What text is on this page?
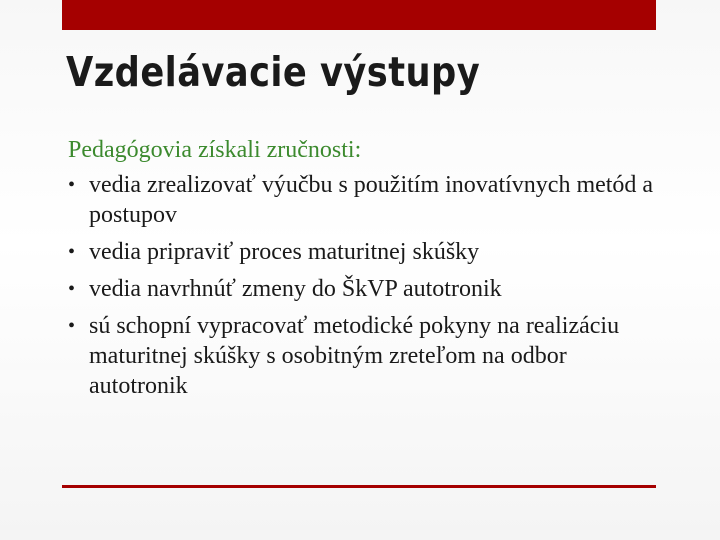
Vzdelávacie výstupy

Pedagógovia získali zručnosti:

• vedia zrealizovať výučbu s použitím inovatívnych metód a postupov
• vedia pripraviť proces maturitnej skúšky
• vedia navrhnúť zmeny do ŠkVP autotronik
• sú schopní vypracovať metodické pokyny na realizáciu maturitnej skúšky s osobitným zreteľom na odbor autotronik
